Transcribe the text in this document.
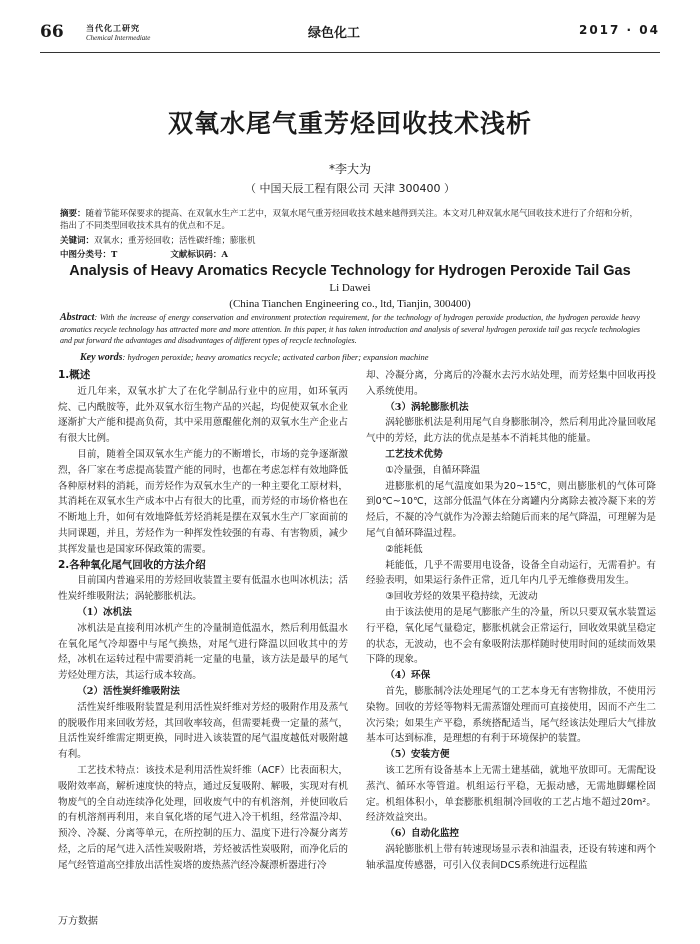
66	当代化工研究
Chemical Intermediate	绿色化工	2017 · 04
双氧水尾气重芳烃回收技术浅析
*李大为
（ 中国天辰工程有限公司 天津 300400 ）
摘要：随着节能环保要求的提高、在双氧水生产工艺中，双氧水尾气重芳烃回收技术越来越得到关注。本文对几种双氧水尾气回收技术进行了介绍和分析，指出了不同类型回收技术具有的优点和不足。
关键词：双氧水；重芳烃回收；活性碳纤维；膨胀机
中图分类号：T	文献标识码：A
Analysis of Heavy Aromatics Recycle Technology for Hydrogen Peroxide Tail Gas
Li Dawei
(China Tianchen Engineering co., ltd, Tianjin, 300400)
Abstract: With the increase of energy conservation and environment protection requirement, for the technology of hydrogen peroxide production, the hydrogen peroxide heavy aromatics recycle technology has attracted more and more attention. In this paper, it has taken introduction and analysis of several hydrogen peroxide tail gas recycle technologies and put forward the advantages and disadvantages of different types of recycle technologies.
Key words: hydrogen peroxide; heavy aromatics recycle; activated carbon fiber; expansion machine
1.概述

近几年来，双氧水扩大了在化学制品行业中的应用，如环氧丙烷、己内酰胺等，此外双氧水衍生物产品的兴起，均促使双氧水企业逐渐扩大产能和提高负荷，其中采用蒽醌催化剂的双氧水生产企业占有很大比例。

目前，随着全国双氧水生产能力的不断增长，市场的竞争逐渐激烈，各厂家在考虑提高装置产能的同时，也都在考虑怎样有效地降低各种原材料的消耗，而芳烃作为双氧水生产的一种主要化工原材料，其消耗在双氧水生产成本中占有很大的比重，而芳烃的市场价格也在不断地上升，如何有效地降低芳烃消耗是摆在双氧水生产厂家面前的共同课题，并且，芳烃作为一种挥发性较强的有毒、有害物质，减少其挥发量也是国家环保政策的需要。

2.各种氧化尾气回收的方法介绍

目前国内普遍采用的芳烃回收装置主要有低温水也叫冰机法；活性炭纤维吸附法；涡轮膨胀机法。

（1）冰机法

冰机法是直接利用冰机产生的冷量制造低温水，然后利用低温水在氧化尾气冷却器中与尾气换热，对尾气进行降温以回收其中的芳烃，冰机在运转过程中需要消耗一定量的电量，该方法是最早的尾气芳烃处理方法，其运行成本较高。

（2）活性炭纤维吸附法

活性炭纤维吸附装置是利用活性炭纤维对芳烃的吸附作用及蒸气的脱吸作用来回收芳烃，其回收率较高，但需要耗费一定量的蒸气，且活性炭纤维需定期更换，同时进入该装置的尾气温度越低对吸附越有利。

工艺技术特点：该技术是利用活性炭纤维（ACF）比表面积大，吸附效率高，解析速度快的特点，通过反复吸附、解吸，实现对有机物废气的全自动连续净化处理，回收废气中的有机溶剂，并使回收后的有机溶剂再利用，来自氧化塔的尾气进入冷干机组，经常温冷却、预冷、冷凝、分离等单元，在所控制的压力、温度下进行冷凝分离芳烃，之后的尾气进入活性炭吸附塔，芳烃被活性炭吸附，而净化后的尾气经管道高空排放出活性炭塔的废热蒸汽经冷凝漂析器进行冷

却、冷凝分离，分离后的冷凝水去污水站处理，而芳烃集中回收再投入系统使用。

（3）涡轮膨胀机法

涡轮膨胀机法是利用尾气自身膨胀制冷，然后利用此冷量回收尾气中的芳烃，此方法的优点是基本不消耗其他的能量。

工艺技术优势

①冷量强，自循环降温

进膨胀机的尾气温度如果为20~15℃，则出膨胀机的气体可降到0℃~10℃，这部分低温气体在分离罐内分离除去被冷凝下来的芳烃后，不凝的冷气就作为冷源去给随后而来的尾气降温，可理解为是尾气自循环降温过程。

②能耗低

耗能低，几乎不需要用电设备，设备全自动运行，无需看护。有经验表明，如果运行条件正常，近几年内几乎无维修费用发生。

③回收芳烃的效果平稳持续，无波动

由于该法使用的是尾气膨胀产生的冷量，所以只要双氧水装置运行平稳，氧化尾气量稳定，膨胀机就会正常运行，回收效果就呈稳定的状态，无波动，也不会有象吸附法那样随时使用时间的延续而效果下降的现象。

（4）环保

首先，膨胀制冷法处理尾气的工艺本身无有害物排放，不使用污染物。回收的芳烃等物料无需蒸馏处理而可直接使用，因而不产生二次污染；如果生产平稳，系统搭配适当，尾气经该法处理后大气排放基本可达到标准，是理想的有利于环境保护的装置。

（5）安装方便

该工艺所有设备基本上无需土建基础，就地平放即可。无需配设蒸汽、循环水等管道。机组运行平稳，无振动感，无需地脚螺栓固定。机组体积小，单套膨胀机组制冷回收的工艺占地不超过20m²。经济效益突出。

（6）自动化监控

涡轮膨胀机上带有转速现场显示表和油温表，还设有转速和两个轴承温度传感器，可引入仪表间DCS系统进行远程监

万方数据
